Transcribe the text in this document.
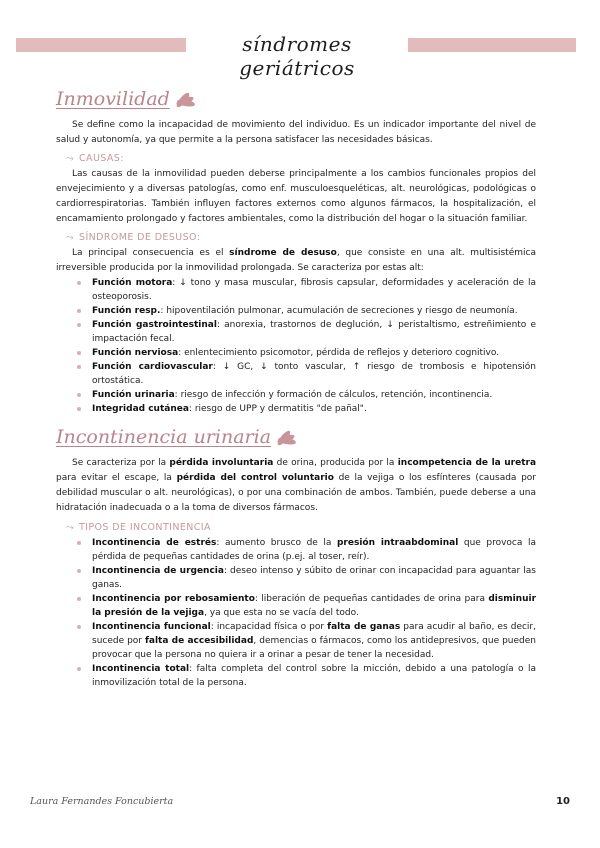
síndromes geriátricos
Inmovilidad

Se define como la incapacidad de movimiento del individuo. Es un indicador importante del nivel de salud y autonomía, ya que permite a la persona satisfacer las necesidades básicas.

⤳ CAUSAS:

Las causas de la inmovilidad pueden deberse principalmente a los cambios funcionales propios del envejecimiento y a diversas patologías, como enf. musculoesqueléticas, alt. neurológicas, podológicas o cardiorrespiratorias. También influyen factores externos como algunos fármacos, la hospitalización, el encamamiento prolongado y factores ambientales, como la distribución del hogar o la situación familiar.

⤳ SÍNDROME DE DESUSO:

La principal consecuencia es el síndrome de desuso, que consiste en una alt. multisistémica irreversible producida por la inmovilidad prolongada. Se caracteriza por estas alt:

Función motora: ↓ tono y masa muscular, fibrosis capsular, deformidades y aceleración de la osteoporosis.
Función resp.: hipoventilación pulmonar, acumulación de secreciones y riesgo de neumonía.
Función gastrointestinal: anorexia, trastornos de deglución, ↓ peristaltismo, estreñimiento e impactación fecal.
Función nerviosa: enlentecimiento psicomotor, pérdida de reflejos y deterioro cognitivo.
Función cardiovascular: ↓ GC, ↓ tonto vascular, ↑ riesgo de trombosis e hipotensión ortostática.
Función urinaria: riesgo de infección y formación de cálculos, retención, incontinencia.
Integridad cutánea: riesgo de UPP y dermatitis "de pañal".
Incontinencia urinaria

Se caracteriza por la pérdida involuntaria de orina, producida por la incompetencia de la uretra para evitar el escape, la pérdida del control voluntario de la vejiga o los esfínteres (causada por debilidad muscular o alt. neurológicas), o por una combinación de ambos. También, puede deberse a una hidratación inadecuada o a la toma de diversos fármacos.

⤳ TIPOS DE INCONTINENCIA
Incontinencia de estrés: aumento brusco de la presión intraabdominal que provoca la pérdida de pequeñas cantidades de orina (p.ej. al toser, reír).
Incontinencia de urgencia: deseo intenso y súbito de orinar con incapacidad para aguantar las ganas.
Incontinencia por rebosamiento: liberación de pequeñas cantidades de orina para disminuir la presión de la vejiga, ya que esta no se vacía del todo.
Incontinencia funcional: incapacidad física o por falta de ganas para acudir al baño, es decir, sucede por falta de accesibilidad, demencias o fármacos, como los antidepresivos, que pueden provocar que la persona no quiera ir a orinar a pesar de tener la necesidad.
Incontinencia total: falta completa del control sobre la micción, debido a una patología o la inmovilización total de la persona.
Laura Fernandes Foncubierta	10
